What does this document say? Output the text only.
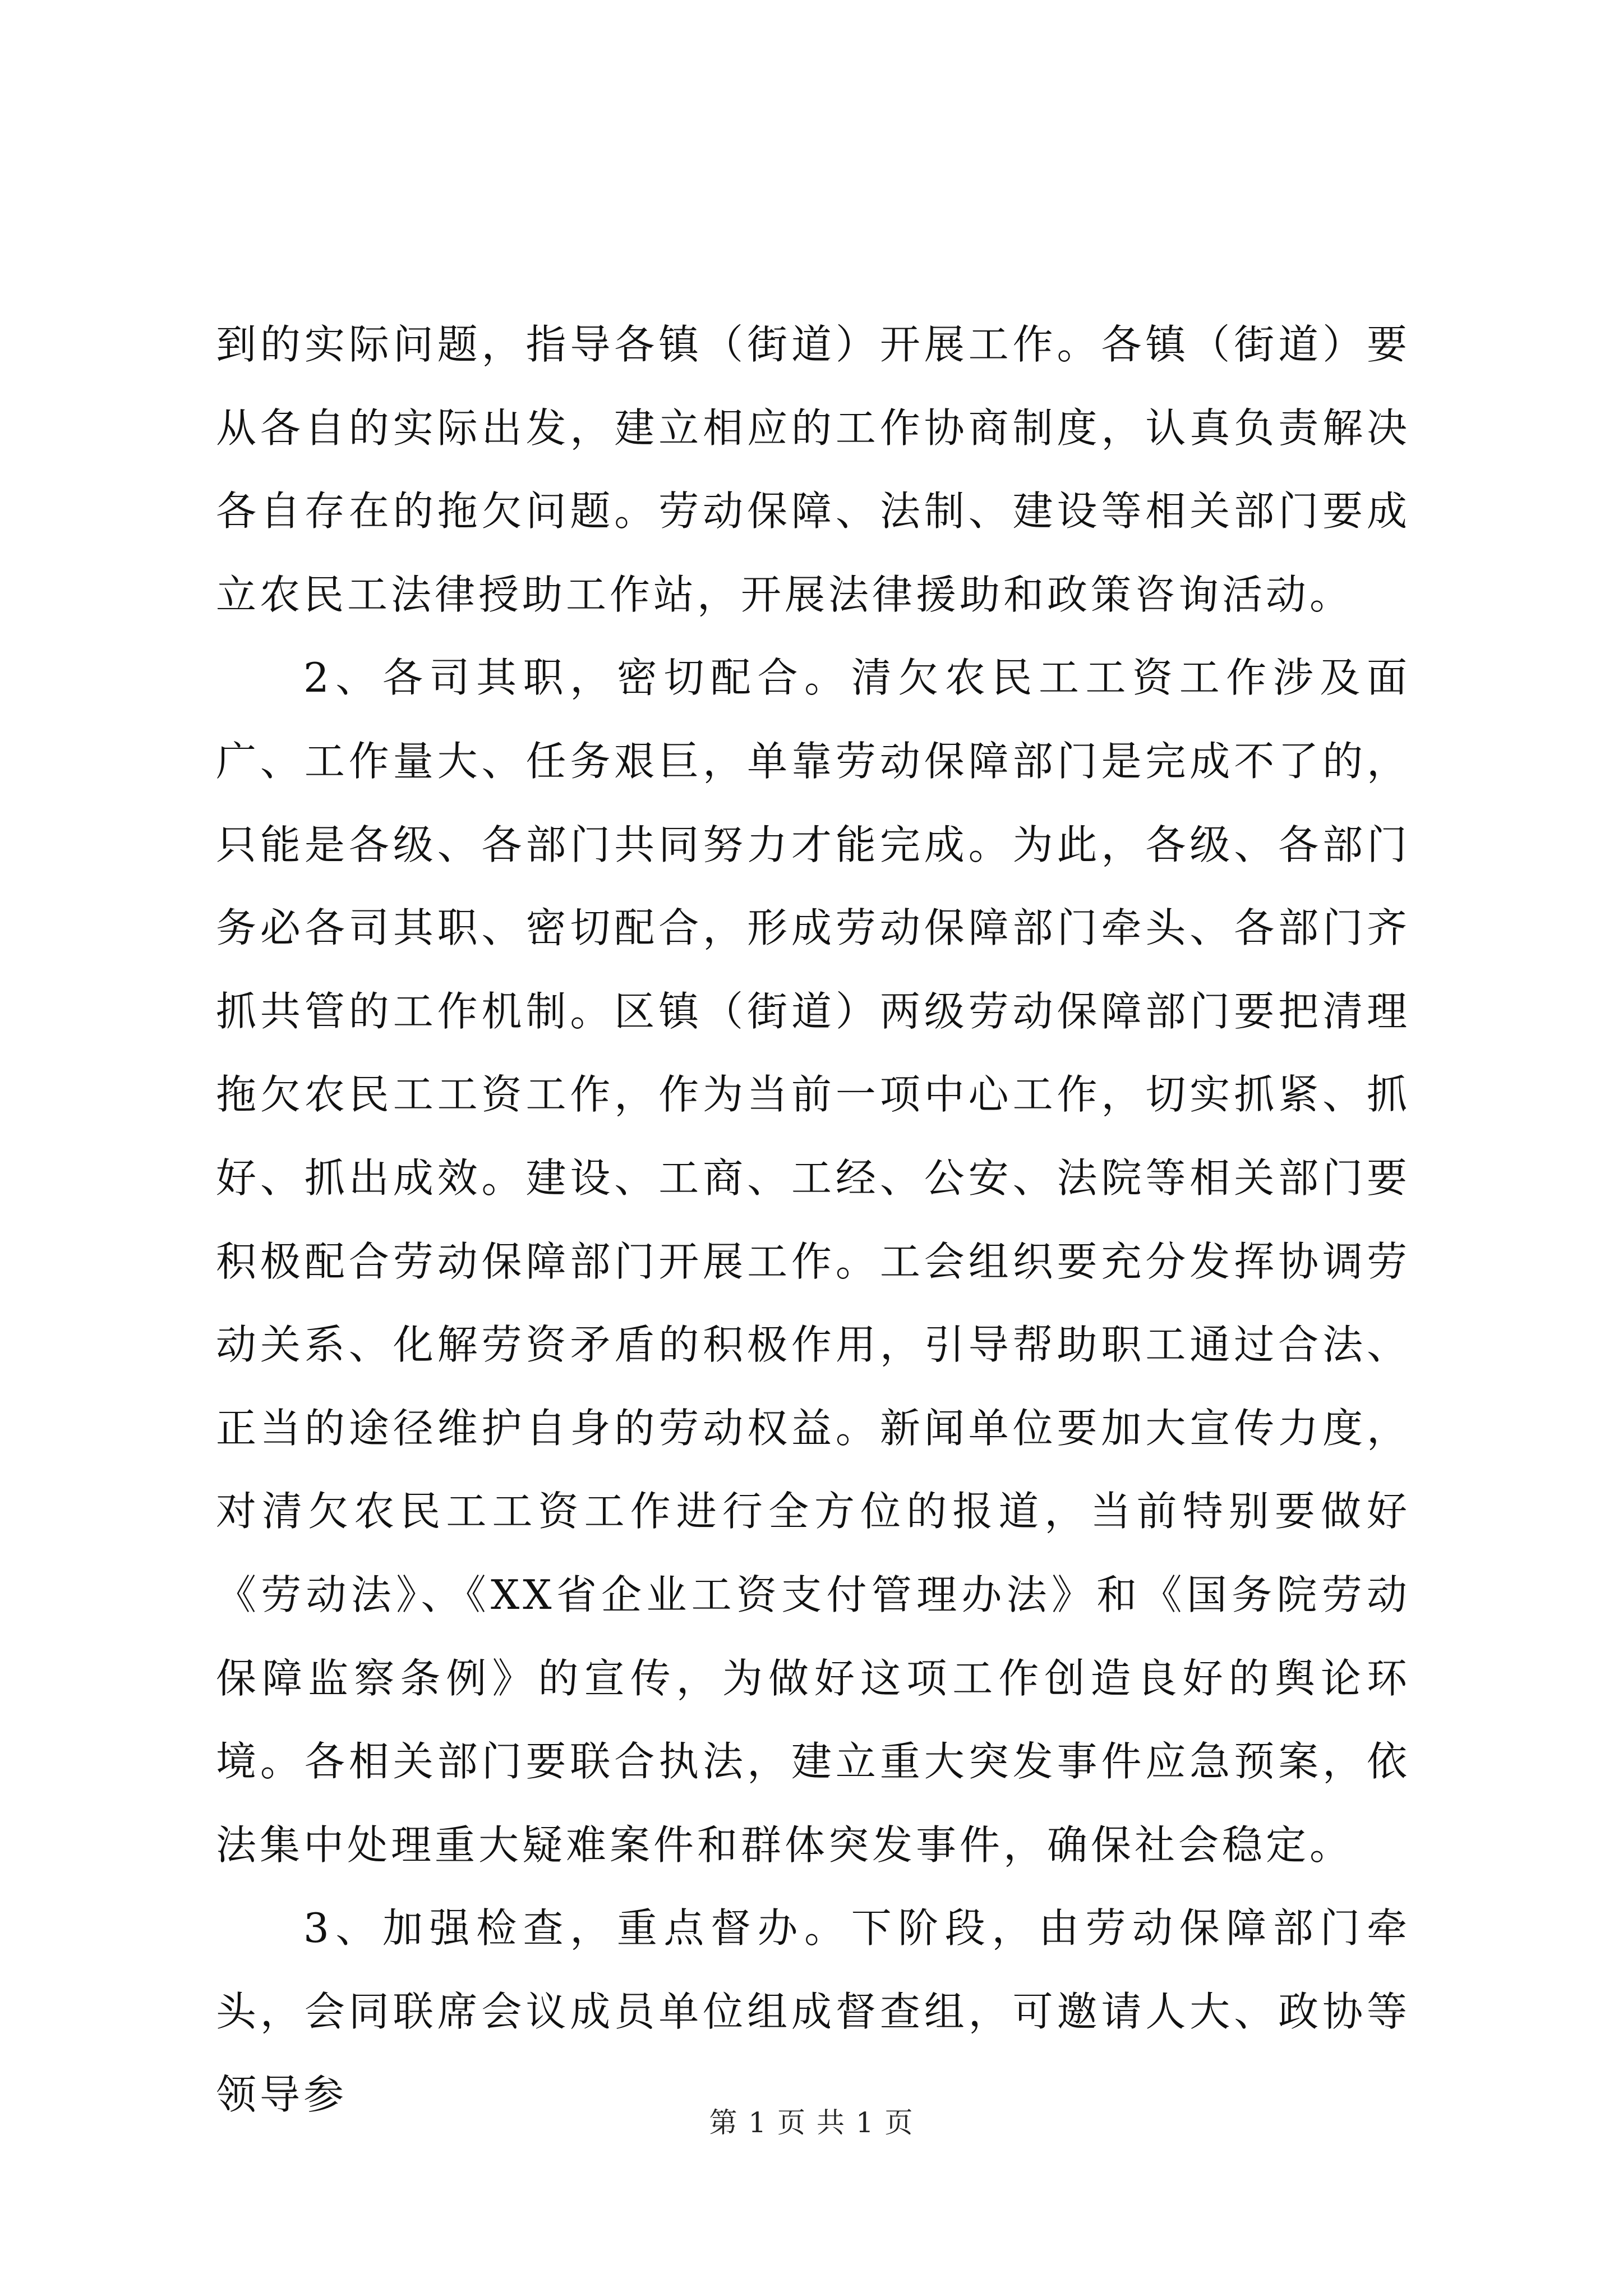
到的实际问题，指导各镇（街道）开展工作。各镇（街道）要从各自的实际出发，建立相应的工作协商制度，认真负责解决各自存在的拖欠问题。劳动保障、法制、建设等相关部门要成立农民工法律授助工作站，开展法律援助和政策咨询活动。

2、各司其职，密切配合。清欠农民工工资工作涉及面广、工作量大、任务艰巨，单靠劳动保障部门是完成不了的，只能是各级、各部门共同努力才能完成。为此，各级、各部门务必各司其职、密切配合，形成劳动保障部门牵头、各部门齐抓共管的工作机制。区镇（街道）两级劳动保障部门要把清理拖欠农民工工资工作，作为当前一项中心工作，切实抓紧、抓好、抓出成效。建设、工商、工经、公安、法院等相关部门要积极配合劳动保障部门开展工作。工会组织要充分发挥协调劳动关系、化解劳资矛盾的积极作用，引导帮助职工通过合法、正当的途径维护自身的劳动权益。新闻单位要加大宣传力度，对清欠农民工工资工作进行全方位的报道，当前特别要做好《劳动法》、《XX省企业工资支付管理办法》和《国务院劳动保障监察条例》的宣传，为做好这项工作创造良好的舆论环境。各相关部门要联合执法，建立重大突发事件应急预案，依法集中处理重大疑难案件和群体突发事件，确保社会稳定。

3、加强检查，重点督办。下阶段，由劳动保障部门牵头，会同联席会议成员单位组成督查组，可邀请人大、政协等领导参

第 1 页 共 1 页
